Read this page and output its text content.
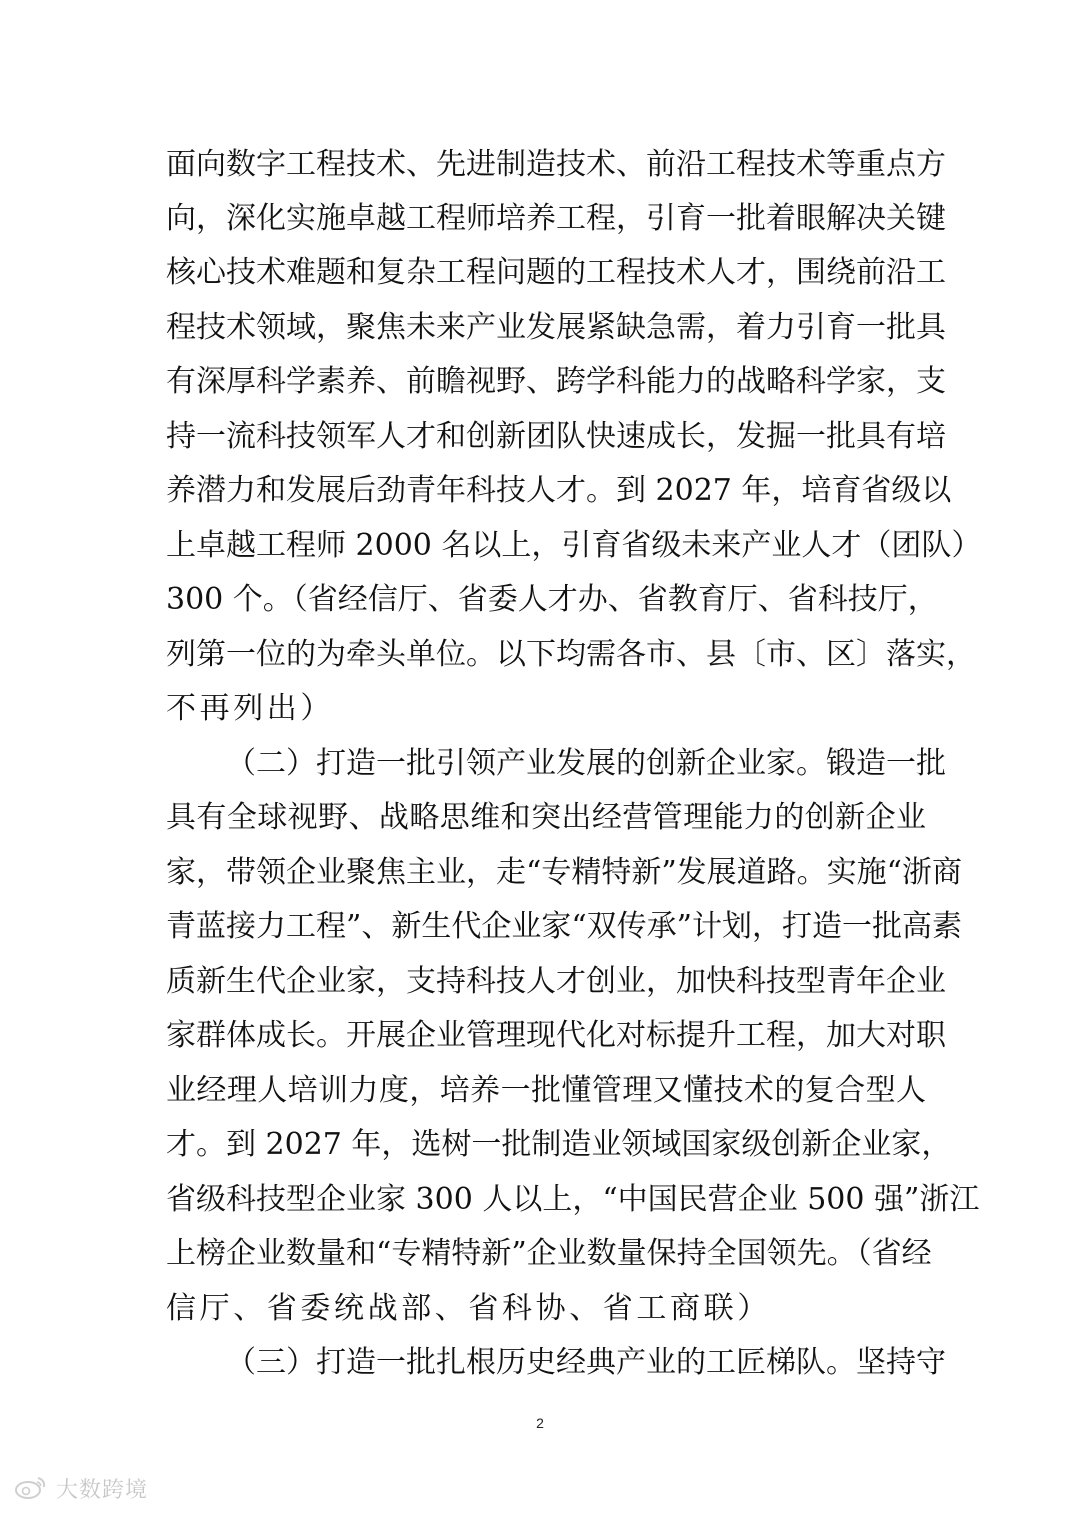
面向数字工程技术、先进制造技术、前沿工程技术等重点方
向，深化实施卓越工程师培养工程，引育一批着眼解决关键
核心技术难题和复杂工程问题的工程技术人才，围绕前沿工
程技术领域，聚焦未来产业发展紧缺急需，着力引育一批具
有深厚科学素养、前瞻视野、跨学科能力的战略科学家，支
持一流科技领军人才和创新团队快速成长，发掘一批具有培
养潜力和发展后劲青年科技人才。到 2027 年，培育省级以
上卓越工程师 2000 名以上，引育省级未来产业人才（团队）
300 个。（省经信厅、省委人才办、省教育厅、省科技厅，
列第一位的为牵头单位。以下均需各市、县〔市、区〕落实，
不再列出）
（二）打造一批引领产业发展的创新企业家。锻造一批
具有全球视野、战略思维和突出经营管理能力的创新企业
家，带领企业聚焦主业，走“专精特新”发展道路。实施“浙商
青蓝接力工程”、新生代企业家“双传承”计划，打造一批高素
质新生代企业家，支持科技人才创业，加快科技型青年企业
家群体成长。开展企业管理现代化对标提升工程，加大对职
业经理人培训力度，培养一批懂管理又懂技术的复合型人
才。到 2027 年，选树一批制造业领域国家级创新企业家，
省级科技型企业家 300 人以上，“中国民营企业 500 强”浙江
上榜企业数量和“专精特新”企业数量保持全国领先。（省经
信厅、省委统战部、省科协、省工商联）
（三）打造一批扎根历史经典产业的工匠梯队。坚持守
2
大数跨境
